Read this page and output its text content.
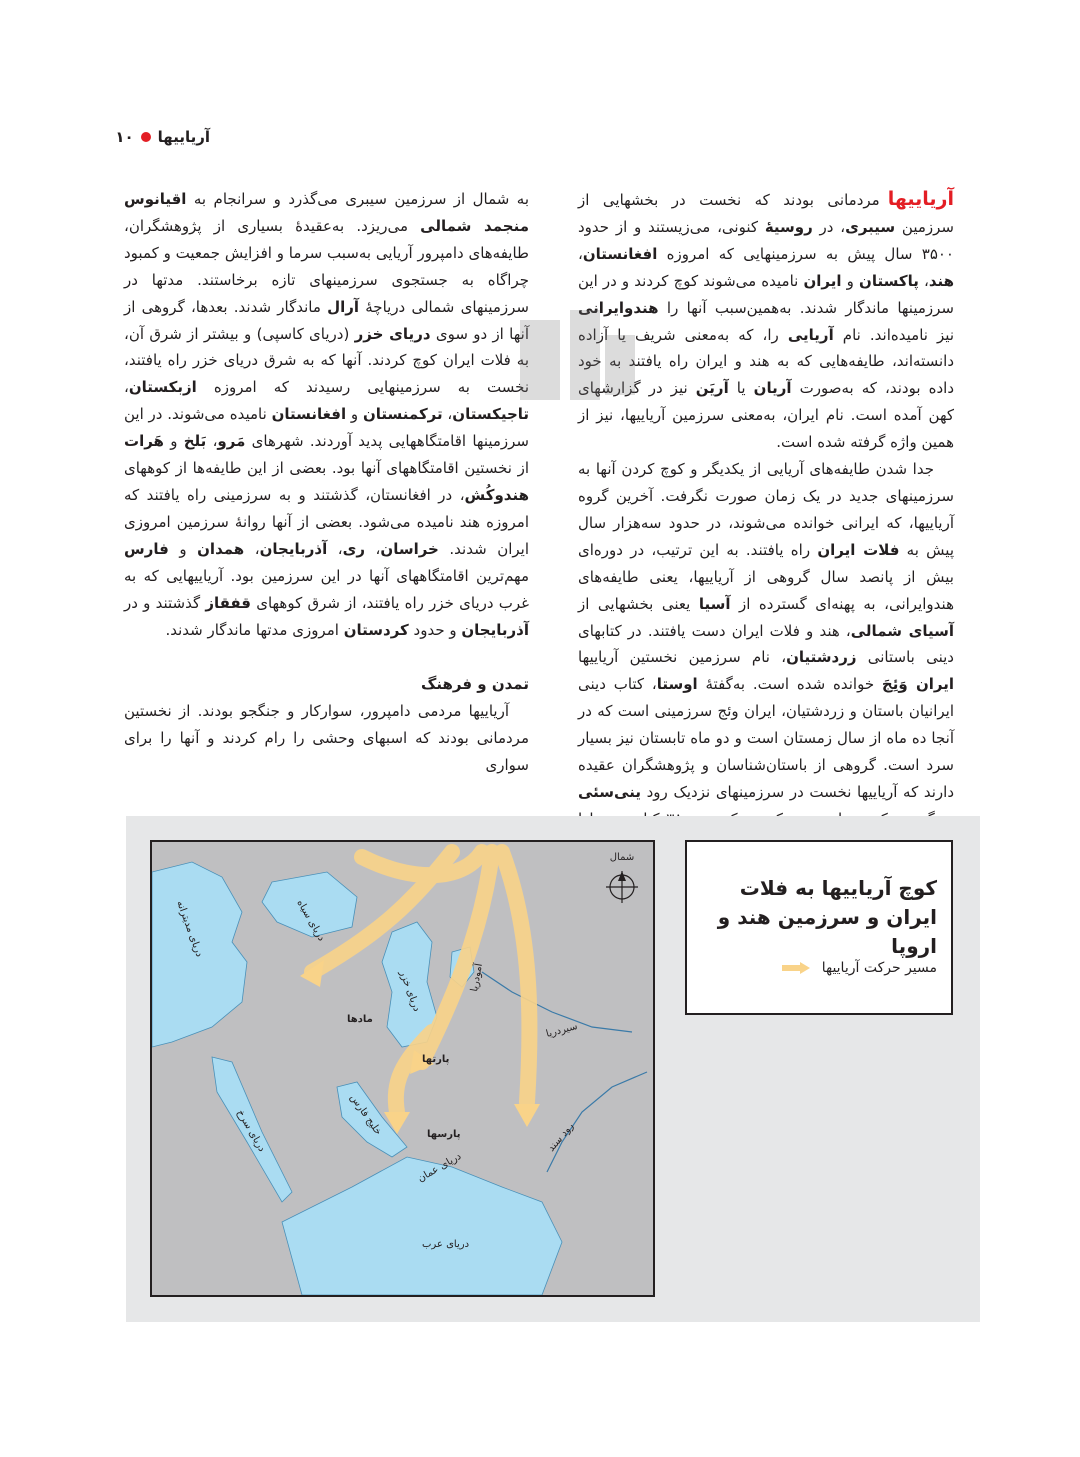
آرياييها
۱۰

آرياييهامردمانی بودند که نخست در بخشهایی از سرزمین سیبری، در روسیهٔ کنونی، می‌زیستند و از حدود ۳۵۰۰ سال پیش به سرزمینهایی که امروزه افغانستان، هند، پاکستان و ایران نامیده می‌شوند کوچ کردند و در این سرزمینها ماندگار شدند. به‌همین‌سبب آنها را هندوایرانی نیز نامیده‌اند. نام آریایی را، که به‌معنی شریف یا آزاده دانسته‌اند، طایفه‌هایی که به هند و ایران راه یافتند به خود داده بودند، که به‌صورت آریان یا آریَن نیز در گزارشهای کهن آمده است. نام ایران، به‌معنی سرزمین آرياييها، نیز از همین واژه گرفته شده است.

جدا شدن طایفه‌های آریایی از یکدیگر و کوچ کردن آنها به سرزمینهای جدید در یک زمان صورت نگرفت. آخرین گروه آرياييها، که ایرانی خوانده می‌شوند، در حدود سه‌هزار سال پیش به فلات ایران راه یافتند. به این ترتیب، در دوره‌ای بیش از پانصد سال گروهی از آرياييها، یعنی طایفه‌های هندوایرانی، به پهنه‌ای گسترده از آسیا یعنی بخشهایی از آسیای شمالی، هند و فلات ایران دست یافتند. در کتابهای دینی باستانی زردشتیان، نام سرزمین نخستین آرياييها ایران وَئِجَ خوانده شده است. به‌گفتهٔ اوستا، کتاب دینی ایرانیان باستان و زردشتیان، ایران وئج سرزمینی است که در آنجا ده ماه از سال زمستان است و دو ماه تابستان نیز بسیار سرد است. گروهی از باستان‌شناسان و پژوهشگران عقیده دارند که آرياييها نخست در سرزمینهای نزدیک رود ینی‌سئی

به شمال از سرزمین سیبری می‌گذرد و سرانجام به اقیانوس منجمد شمالی می‌ریزد. به‌عقیدهٔ بسیاری از پژوهشگران، طایفه‌های دامپرور آریایی به‌سبب سرما و افزایش جمعیت و کمبود چراگاه به جستجوی سرزمینهای تازه برخاستند. مدتها در سرزمینهای شمالی دریاچهٔ آرال ماندگار شدند. بعدها، گروهی از آنها از دو سوی دریای خزر (دریای کاسپی) و بیشتر از شرق آن، به فلات ایران کوچ کردند. آنها که به شرق دریای خزر راه یافتند، نخست به سرزمینهایی رسیدند که امروزه ازبکستان، تاجیکستان، ترکمنستان و افغانستان نامیده می‌شوند. در این سرزمینها اقامتگاههایی پدید آوردند. شهرهای مَرو، بَلخ و هَرات از نخستین اقامتگاههای آنها بود. بعضی از این طایفه‌ها از کوههای هندوکُش، در افغانستان، گذشتند و به سرزمینی راه یافتند که امروزه هند نامیده می‌شود. بعضی از آنها روانهٔ سرزمین امروزی ایران شدند. خراسان، ری، آذربایجان، همدان و فارس مهم‌ترین اقامتگاههای آنها در این سرزمین بود. آرياييهایی که به غرب دریای خزر راه یافتند، از شرق کوههای قفقاز گذشتند و در آذربایجان و حدود کردستان امروزی مدتها ماندگار شدند.

تمدن و فرهنگ

آرياييها مردمی دامپرور، سوارکار و جنگجو بودند. از نخستین مردمانی بودند که اسبهای وحشی را رام کردند و آنها را برای سواری

شمال
دریای مدیترانه	دریای سیاه
دریای خزر	آمودریا
سیردریا
مادها
پارتها
پارسها
خلیج فارس
دریای عمان
دریای سرخ
دریای عرب
رود سند
کوچ آرياييها به فلات ایران و سرزمین هند و اروپا
مسیر حرکت آرياييها
